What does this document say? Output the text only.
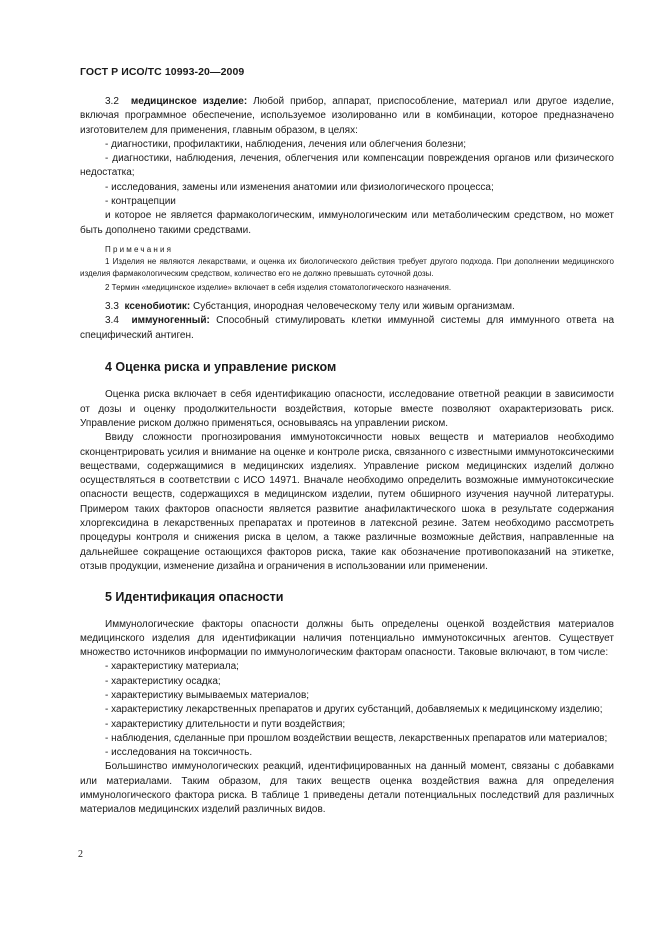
ГОСТ Р ИСО/ТС 10993-20—2009

3.2 медицинское изделие: Любой прибор, аппарат, приспособление, материал или другое изделие, включая программное обеспечение, используемое изолированно или в комбинации, которое предназначено изготовителем для применения, главным образом, в целях:

- диагностики, профилактики, наблюдения, лечения или облегчения болезни;

- диагностики, наблюдения, лечения, облегчения или компенсации повреждения органов или физического недостатка;

- исследования, замены или изменения анатомии или физиологического процесса;

- контрацепции

и которое не является фармакологическим, иммунологическим или метаболическим средством, но может быть дополнено такими средствами.

Примечания

1 Изделия не являются лекарствами, и оценка их биологического действия требует другого подхода. При дополнении медицинского изделия фармакологическим средством, количество его не должно превышать суточной дозы.

2 Термин «медицинское изделие» включает в себя изделия стоматологического назначения.

3.3 ксенобиотик: Субстанция, инородная человеческому телу или живым организмам.

3.4 иммуногенный: Способный стимулировать клетки иммунной системы для иммунного ответа на специфический антиген.

4 Оценка риска и управление риском

Оценка риска включает в себя идентификацию опасности, исследование ответной реакции в зависимости от дозы и оценку продолжительности воздействия, которые вместе позволяют охарактеризовать риск. Управление риском должно применяться, основываясь на управлении риском.

Ввиду сложности прогнозирования иммунотоксичности новых веществ и материалов необходимо сконцентрировать усилия и внимание на оценке и контроле риска, связанного с известными иммунотоксическими веществами, содержащимися в медицинских изделиях. Управление риском медицинских изделий должно осуществляться в соответствии с ИСО 14971. Вначале необходимо определить возможные иммунотоксические опасности веществ, содержащихся в медицинском изделии, путем обширного изучения научной литературы. Примером таких факторов опасности является развитие анафилактического шока в результате содержания хлоргексидина в лекарственных препаратах и протеинов в латексной резине. Затем необходимо рассмотреть процедуры контроля и снижения риска в целом, а также различные возможные действия, направленные на дальнейшее сокращение остающихся факторов риска, такие как обозначение противопоказаний на этикетке, отзыв продукции, изменение дизайна и ограничения в использовании или применении.

5 Идентификация опасности

Иммунологические факторы опасности должны быть определены оценкой воздействия материалов медицинского изделия для идентификации наличия потенциально иммунотоксичных агентов. Существует множество источников информации по иммунологическим факторам опасности. Таковые включают, в том числе:

- характеристику материала;

- характеристику осадка;

- характеристику вымываемых материалов;

- характеристику лекарственных препаратов и других субстанций, добавляемых к медицинскому изделию;

- характеристику длительности и пути воздействия;

- наблюдения, сделанные при прошлом воздействии веществ, лекарственных препаратов или материалов;

- исследования на токсичность.

Большинство иммунологических реакций, идентифицированных на данный момент, связаны с добавками или материалами. Таким образом, для таких веществ оценка воздействия важна для определения иммунологического фактора риска. В таблице 1 приведены детали потенциальных последствий для различных материалов медицинских изделий различных видов.

2
